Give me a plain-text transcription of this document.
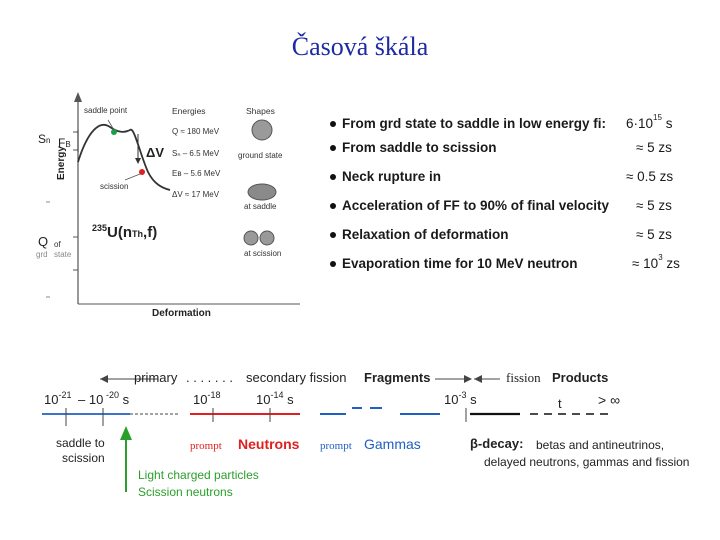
Časová škála
saddle point
scission
ΔV
Sn FB
Energy
Q of
grd state
Deformation
$^{235}$U(nTh,f)
Energies
Q ≈ 180 MeV
Sₙ – 6.5 MeV
Eʙ – 5.6 MeV
ΔV ≈ 17 MeV
Shapes
ground state
at saddle
at scission
From grd state to saddle in low energy fi: $6\cdot 10^{15}$ s
From saddle to scission	≈ 5 zs
Neck rupture in	≈ 0.5 zs
Acceleration of FF to 90% of final velocity ≈ 5 zs
Relaxation of deformation	≈ 5 zs
Evaporation time for 10 MeV neutron	≈ $10^3$ zs
primary . . . . . . . secondary fission Fragments	fission Products
$10^{-21} - 10$ $^{-20}$ s	$10^{-18}$	$10^{-14}$ s	$10^{-3}$ s	t	> ∞
saddle to
scission
prompt Neutrons prompt Gammas	β-decay: betas and antineutrinos,
delayed neutrons, gammas and fission
Light charged particles
Scission neutrons
